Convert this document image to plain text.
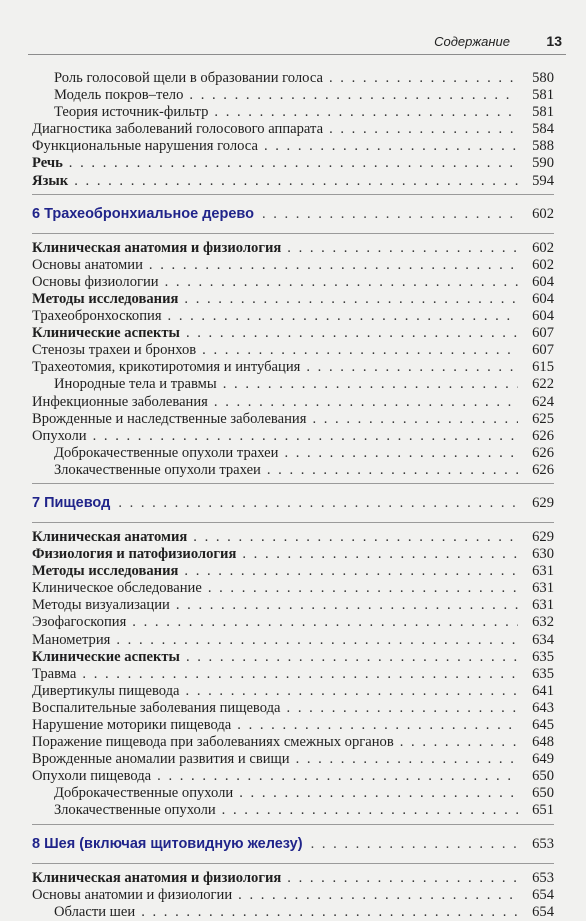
Содержание	13
Роль голосовой щели в образовании голоса . . .	580
Модель покров–тело . . .	581
Теория источник-фильтр . . .	581
Диагностика заболеваний голосового аппарата . . .	584
Функциональные нарушения голоса . . .	588
Речь . . .	590
Язык . . .	594
6 Трахеобронхиальное дерево . . .	602
Клиническая анатомия и физиология . . .	602
Основы анатомии . . .	602
Основы физиологии . . .	604
Методы исследования . . .	604
Трахеобронхоскопия . . .	604
Клинические аспекты . . .	607
Стенозы трахеи и бронхов . . .	607
Трахеотомия, крикотиротомия и интубация . . .	615
Инородные тела и травмы . . .	622
Инфекционные заболевания . . .	624
Врожденные и наследственные заболевания . . .	625
Опухоли . . .	626
Доброкачественные опухоли трахеи . . .	626
Злокачественные опухоли трахеи . . .	626
7 Пищевод . . .	629
Клиническая анатомия . . .	629
Физиология и патофизиология . . .	630
Методы исследования . . .	631
Клиническое обследование . . .	631
Методы визуализации . . .	631
Эзофагоскопия . . .	632
Манометрия . . .	634
Клинические аспекты . . .	635
Травма . . .	635
Дивертикулы пищевода . . .	641
Воспалительные заболевания пищевода . . .	643
Нарушение моторики пищевода . . .	645
Поражение пищевода при заболеваниях смежных органов . . .	648
Врожденные аномалии развития и свищи . . .	649
Опухоли пищевода . . .	650
Доброкачественные опухоли . . .	650
Злокачественные опухоли . . .	651
8 Шея (включая щитовидную железу) . . .	653
Клиническая анатомия и физиология . . .	653
Основы анатомии и физиологии . . .	654
Области шеи . . .	654
